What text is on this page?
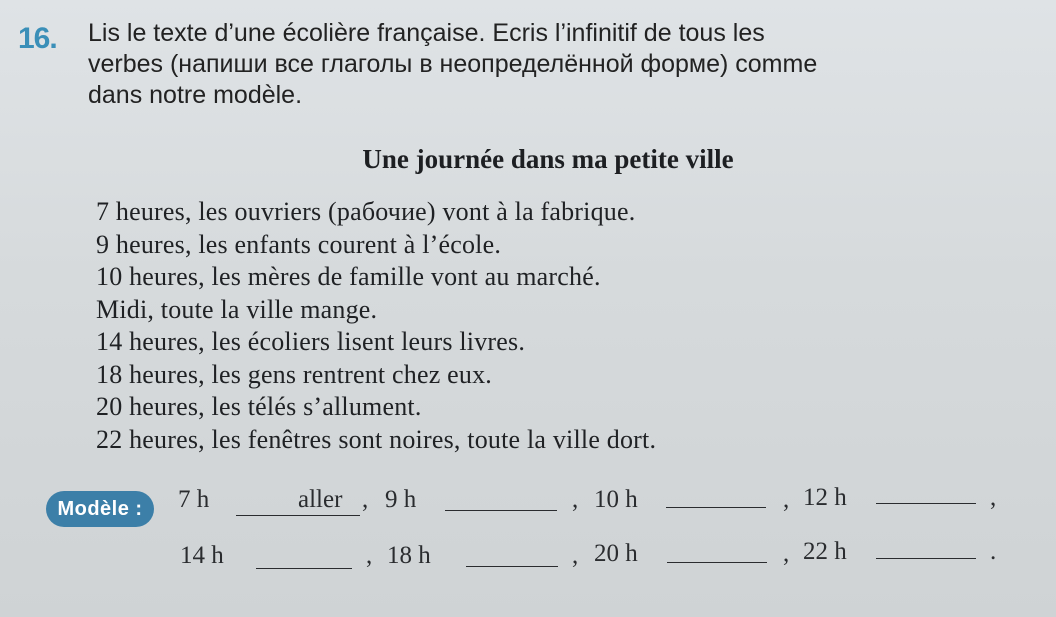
16. Lis le texte d’une écolière française. Ecris l’infinitif de tous les
verbes (напиши все глаголы в неопределённой форме) comme
dans notre modèle.
Une journée dans ma petite ville
7 heures, les ouvriers (рабочие) vont à la fabrique.
9 heures, les enfants courent à l’école.
10 heures, les mères de famille vont au marché.
Midi, toute la ville mange.
14 heures, les écoliers lisent leurs livres.
18 heures, les gens rentrent chez eux.
20 heures, les télés s’allument.
22 heures, les fenêtres sont noires, toute la ville dort.
Modèle :	7 h	aller , 9 h	, 10 h	, 12 h	,
14 h	, 18 h	, 20 h	, 22 h	.
